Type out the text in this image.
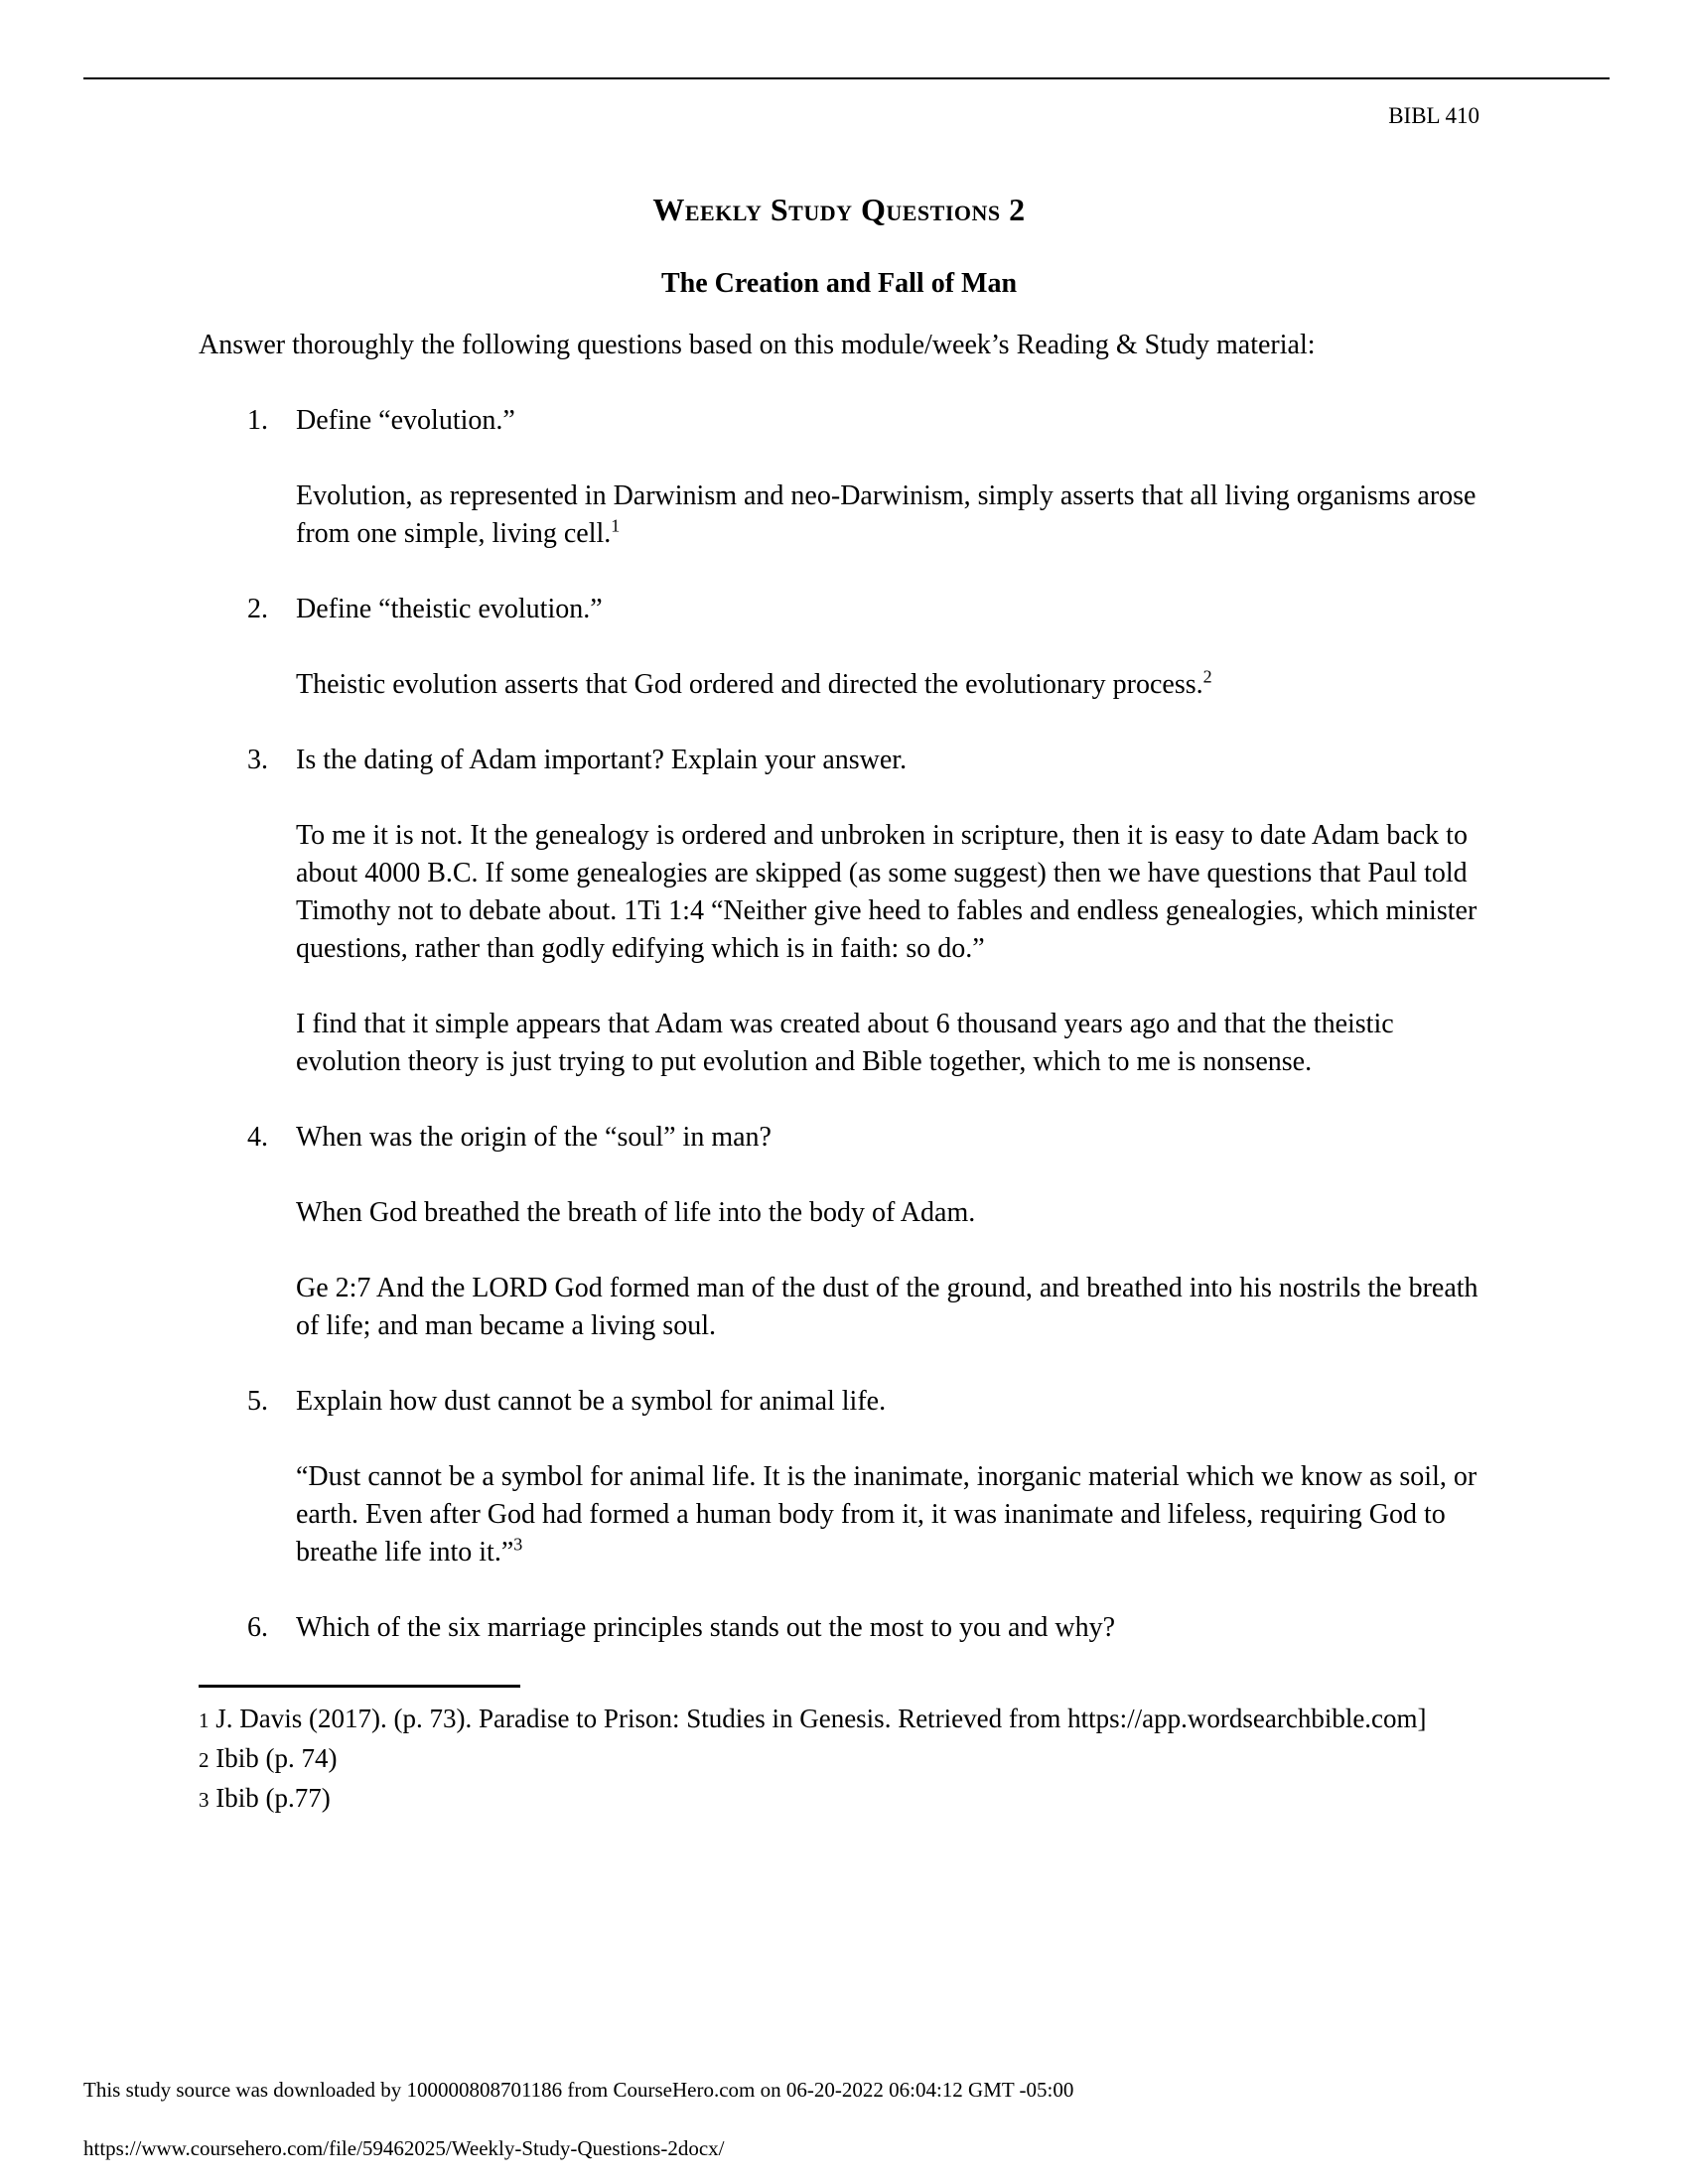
BIBL 410

Weekly Study Questions 2
The Creation and Fall of Man

Answer thoroughly the following questions based on this module/week’s Reading & Study material:

1.	Define “evolution.”

Evolution, as represented in Darwinism and neo-Darwinism, simply asserts that all living organisms arose from one simple, living cell.$^1$

2.	Define “theistic evolution.”

Theistic evolution asserts that God ordered and directed the evolutionary process.$^2$

3.	Is the dating of Adam important? Explain your answer.

To me it is not. It the genealogy is ordered and unbroken in scripture, then it is easy to date Adam back to about 4000 B.C. If some genealogies are skipped (as some suggest) then we have questions that Paul told Timothy not to debate about. 1Ti 1:4 “Neither give heed to fables and endless genealogies, which minister questions, rather than godly edifying which is in faith: so do.”

I find that it simple appears that Adam was created about 6 thousand years ago and that the theistic evolution theory is just trying to put evolution and Bible together, which to me is nonsense.

4.	When was the origin of the “soul” in man?

When God breathed the breath of life into the body of Adam.

Ge 2:7 And the LORD God formed man of the dust of the ground, and breathed into his nostrils the breath of life; and man became a living soul.

5.	Explain how dust cannot be a symbol for animal life.

“Dust cannot be a symbol for animal life. It is the inanimate, inorganic material which we know as soil, or earth. Even after God had formed a human body from it, it was inanimate and lifeless, requiring God to breathe life into it.”$^3$

6.	Which of the six marriage principles stands out the most to you and why?

1 J. Davis (2017). (p. 73). Paradise to Prison: Studies in Genesis. Retrieved from https://app.wordsearchbible.com]

2 Ibib (p. 74)

3 Ibib (p.77)

This study source was downloaded by 100000808701186 from CourseHero.com on 06-20-2022 06:04:12 GMT -05:00

https://www.coursehero.com/file/59462025/Weekly-Study-Questions-2docx/
